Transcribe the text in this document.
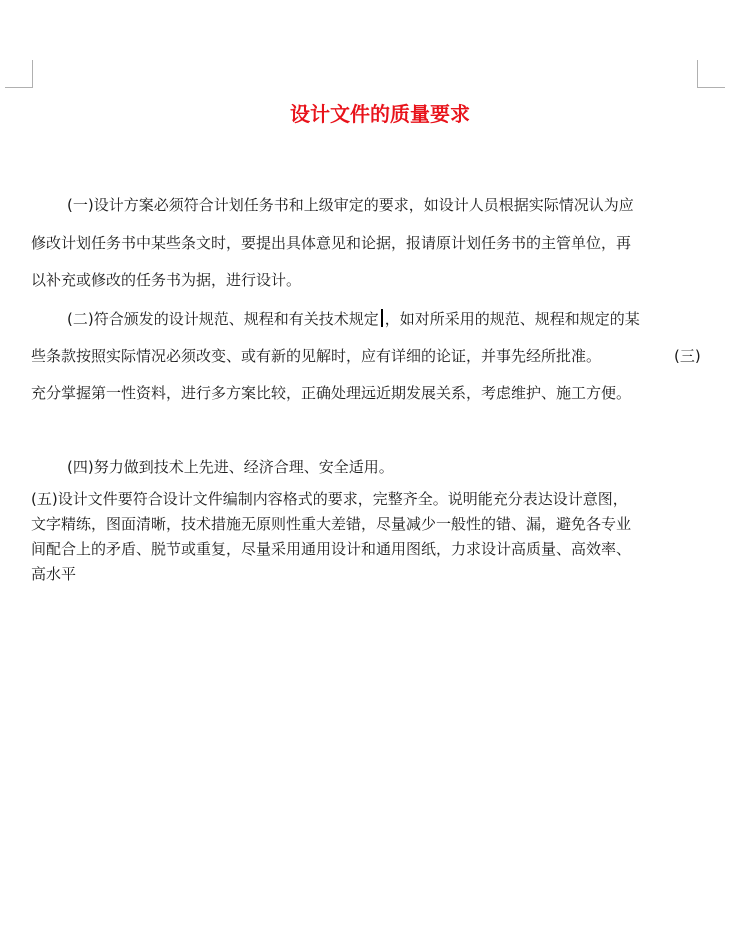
设计文件的质量要求
(一)设计方案必须符合计划任务书和上级审定的要求，如设计人员根据实际情况认为应
修改计划任务书中某些条文时，要提出具体意见和论据，报请原计划任务书的主管单位，再
以补充或修改的任务书为据，进行设计。
(二)符合颁发的设计规范、规程和有关技术规定 ，如对所采用的规范、规程和规定的某
些条款按照实际情况必须改变、或有新的见解时，应有详细的论证，并事先经所批准。	(三)
充分掌握第一性资料，进行多方案比较，正确处理远近期发展关系，考虑维护、施工方便。
(四)努力做到技术上先进、经济合理、安全适用。
(五)设计文件要符合设计文件编制内容格式的要求，完整齐全。说明能充分表达设计意图，
文字精练，图面清晰，技术措施无原则性重大差错，尽量减少一般性的错、漏，避免各专业
间配合上的矛盾、脱节或重复，尽量采用通用设计和通用图纸，力求设计高质量、高效率、
高水平
